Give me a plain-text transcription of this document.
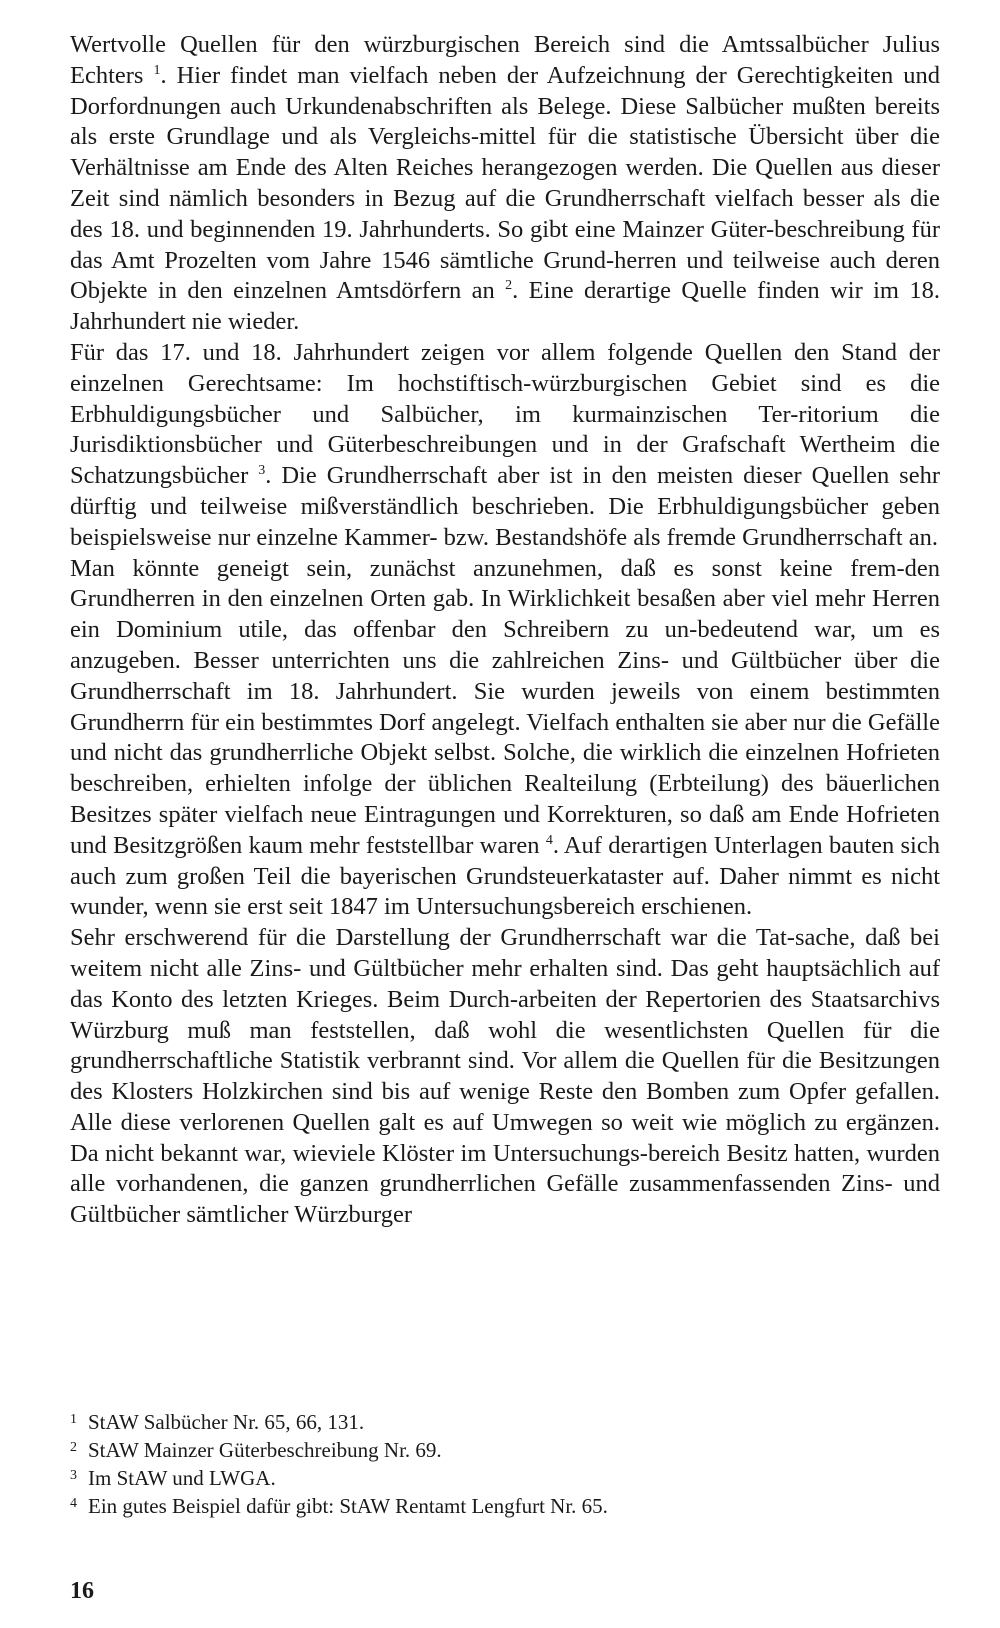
Wertvolle Quellen für den würzburgischen Bereich sind die Amtssalbücher Julius Echters $^1$. Hier findet man vielfach neben der Aufzeichnung der Gerechtigkeiten und Dorfordnungen auch Urkundenabschriften als Belege. Diese Salbücher mußten bereits als erste Grundlage und als Vergleichs-mittel für die statistische Übersicht über die Verhältnisse am Ende des Alten Reiches herangezogen werden. Die Quellen aus dieser Zeit sind nämlich besonders in Bezug auf die Grundherrschaft vielfach besser als die des 18. und beginnenden 19. Jahrhunderts. So gibt eine Mainzer Güter-beschreibung für das Amt Prozelten vom Jahre 1546 sämtliche Grund-herren und teilweise auch deren Objekte in den einzelnen Amtsdörfern an $^2$. Eine derartige Quelle finden wir im 18. Jahrhundert nie wieder.

Für das 17. und 18. Jahrhundert zeigen vor allem folgende Quellen den Stand der einzelnen Gerechtsame: Im hochstiftisch-würzburgischen Gebiet sind es die Erbhuldigungsbücher und Salbücher, im kurmainzischen Ter-ritorium die Jurisdiktionsbücher und Güterbeschreibungen und in der Grafschaft Wertheim die Schatzungsbücher $^3$. Die Grundherrschaft aber ist in den meisten dieser Quellen sehr dürftig und teilweise mißverständlich beschrieben. Die Erbhuldigungsbücher geben beispielsweise nur einzelne Kammer- bzw. Bestandshöfe als fremde Grundherrschaft an.

Man könnte geneigt sein, zunächst anzunehmen, daß es sonst keine frem-den Grundherren in den einzelnen Orten gab. In Wirklichkeit besaßen aber viel mehr Herren ein Dominium utile, das offenbar den Schreibern zu un-bedeutend war, um es anzugeben. Besser unterrichten uns die zahlreichen Zins- und Gültbücher über die Grundherrschaft im 18. Jahrhundert. Sie wurden jeweils von einem bestimmten Grundherrn für ein bestimmtes Dorf angelegt. Vielfach enthalten sie aber nur die Gefälle und nicht das grundherrliche Objekt selbst. Solche, die wirklich die einzelnen Hofrieten beschreiben, erhielten infolge der üblichen Realteilung (Erbteilung) des bäuerlichen Besitzes später vielfach neue Eintragungen und Korrekturen, so daß am Ende Hofrieten und Besitzgrößen kaum mehr feststellbar waren $^4$. Auf derartigen Unterlagen bauten sich auch zum großen Teil die bayerischen Grundsteuerkataster auf. Daher nimmt es nicht wunder, wenn sie erst seit 1847 im Untersuchungsbereich erschienen.

Sehr erschwerend für die Darstellung der Grundherrschaft war die Tat-sache, daß bei weitem nicht alle Zins- und Gültbücher mehr erhalten sind. Das geht hauptsächlich auf das Konto des letzten Krieges. Beim Durch-arbeiten der Repertorien des Staatsarchivs Würzburg muß man feststellen, daß wohl die wesentlichsten Quellen für die grundherrschaftliche Statistik verbrannt sind. Vor allem die Quellen für die Besitzungen des Klosters Holzkirchen sind bis auf wenige Reste den Bomben zum Opfer gefallen. Alle diese verlorenen Quellen galt es auf Umwegen so weit wie möglich zu ergänzen. Da nicht bekannt war, wieviele Klöster im Untersuchungs-bereich Besitz hatten, wurden alle vorhandenen, die ganzen grundherrlichen Gefälle zusammenfassenden Zins- und Gültbücher sämtlicher Würzburger

1 StAW Salbücher Nr. 65, 66, 131.

2 StAW Mainzer Güterbeschreibung Nr. 69.

3 Im StAW und LWGA.

4 Ein gutes Beispiel dafür gibt: StAW Rentamt Lengfurt Nr. 65.

16
